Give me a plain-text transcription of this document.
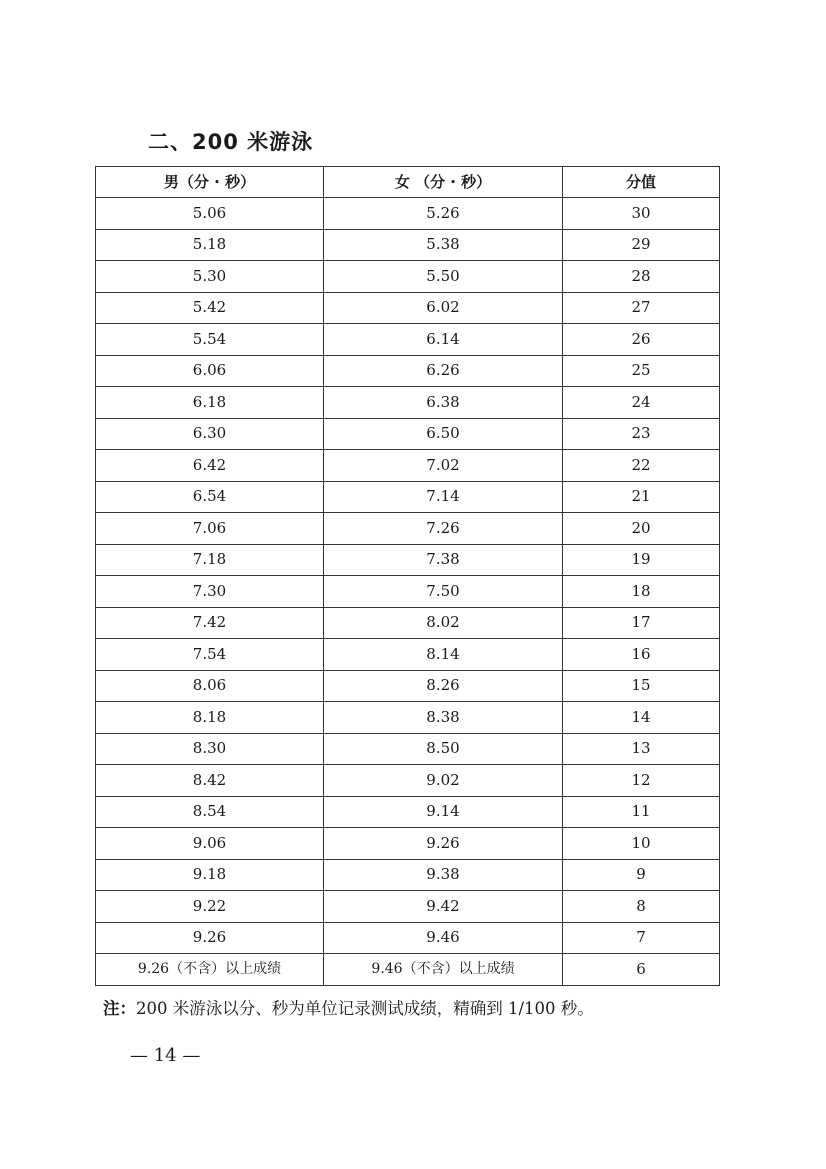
二、200 米游泳
男（分 · 秒）	女 （分 · 秒）	分值
5.06	5.26	30
5.18	5.38	29
5.30	5.50	28
5.42	6.02	27
5.54	6.14	26
6.06	6.26	25
6.18	6.38	24
6.30	6.50	23
6.42	7.02	22
6.54	7.14	21
7.06	7.26	20
7.18	7.38	19
7.30	7.50	18
7.42	8.02	17
7.54	8.14	16
8.06	8.26	15
8.18	8.38	14
8.30	8.50	13
8.42	9.02	12
8.54	9.14	11
9.06	9.26	10
9.18	9.38	9
9.22	9.42	8
9.26	9.46	7
9.26（不含）以上成绩	9.46（不含）以上成绩	6
注：200 米游泳以分、秒为单位记录测试成绩，精确到 1/100 秒。
— 14 —
